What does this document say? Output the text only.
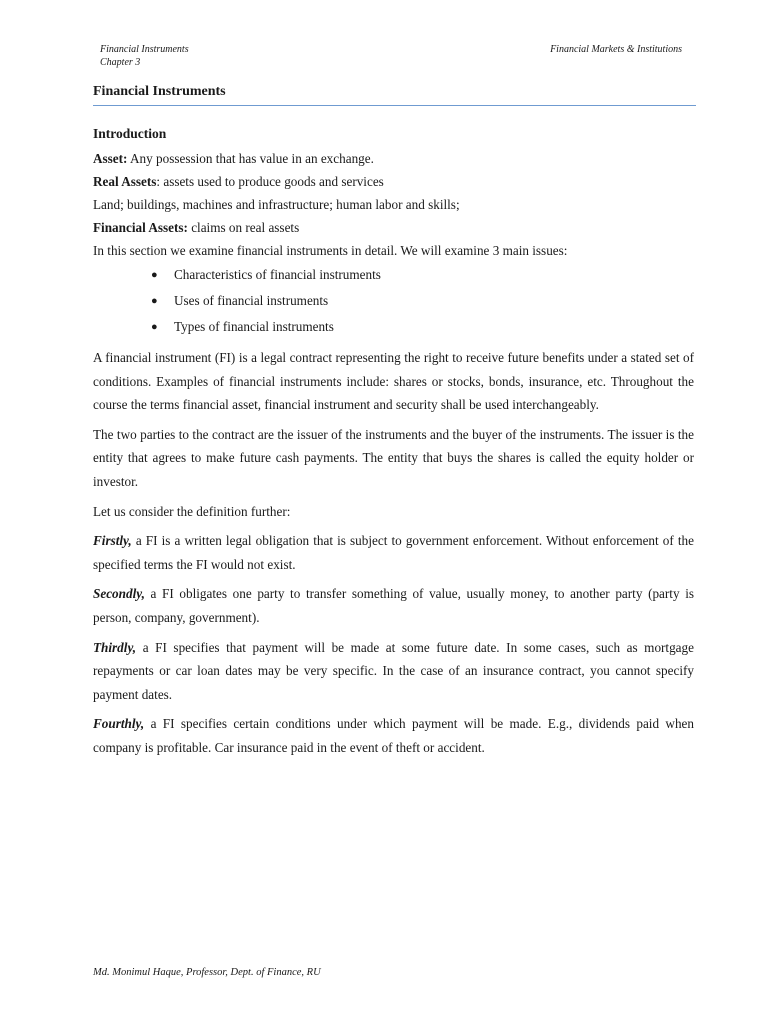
Financial Instruments
Chapter 3
Financial Markets & Institutions
Financial Instruments

Introduction

Asset: Any possession that has value in an exchange.

Real Assets: assets used to produce goods and services

Land; buildings, machines and infrastructure; human labor and skills;

Financial Assets: claims on real assets

In this section we examine financial instruments in detail. We will examine 3 main issues:

● Characteristics of financial instruments
● Uses of financial instruments
● Types of financial instruments

A financial instrument (FI) is a legal contract representing the right to receive future benefits under a stated set of conditions. Examples of financial instruments include: shares or stocks, bonds, insurance, etc. Throughout the course the terms financial asset, financial instrument and security shall be used interchangeably.

The two parties to the contract are the issuer of the instruments and the buyer of the instruments. The issuer is the entity that agrees to make future cash payments. The entity that buys the shares is called the equity holder or investor.

Let us consider the definition further:

Firstly, a FI is a written legal obligation that is subject to government enforcement. Without enforcement of the specified terms the FI would not exist.

Secondly, a FI obligates one party to transfer something of value, usually money, to another party (party is person, company, government).

Thirdly, a FI specifies that payment will be made at some future date. In some cases, such as mortgage repayments or car loan dates may be very specific. In the case of an insurance contract, you cannot specify payment dates.

Fourthly, a FI specifies certain conditions under which payment will be made. E.g., dividends paid when company is profitable. Car insurance paid in the event of theft or accident.

Md. Monimul Haque, Professor, Dept. of Finance, RU
